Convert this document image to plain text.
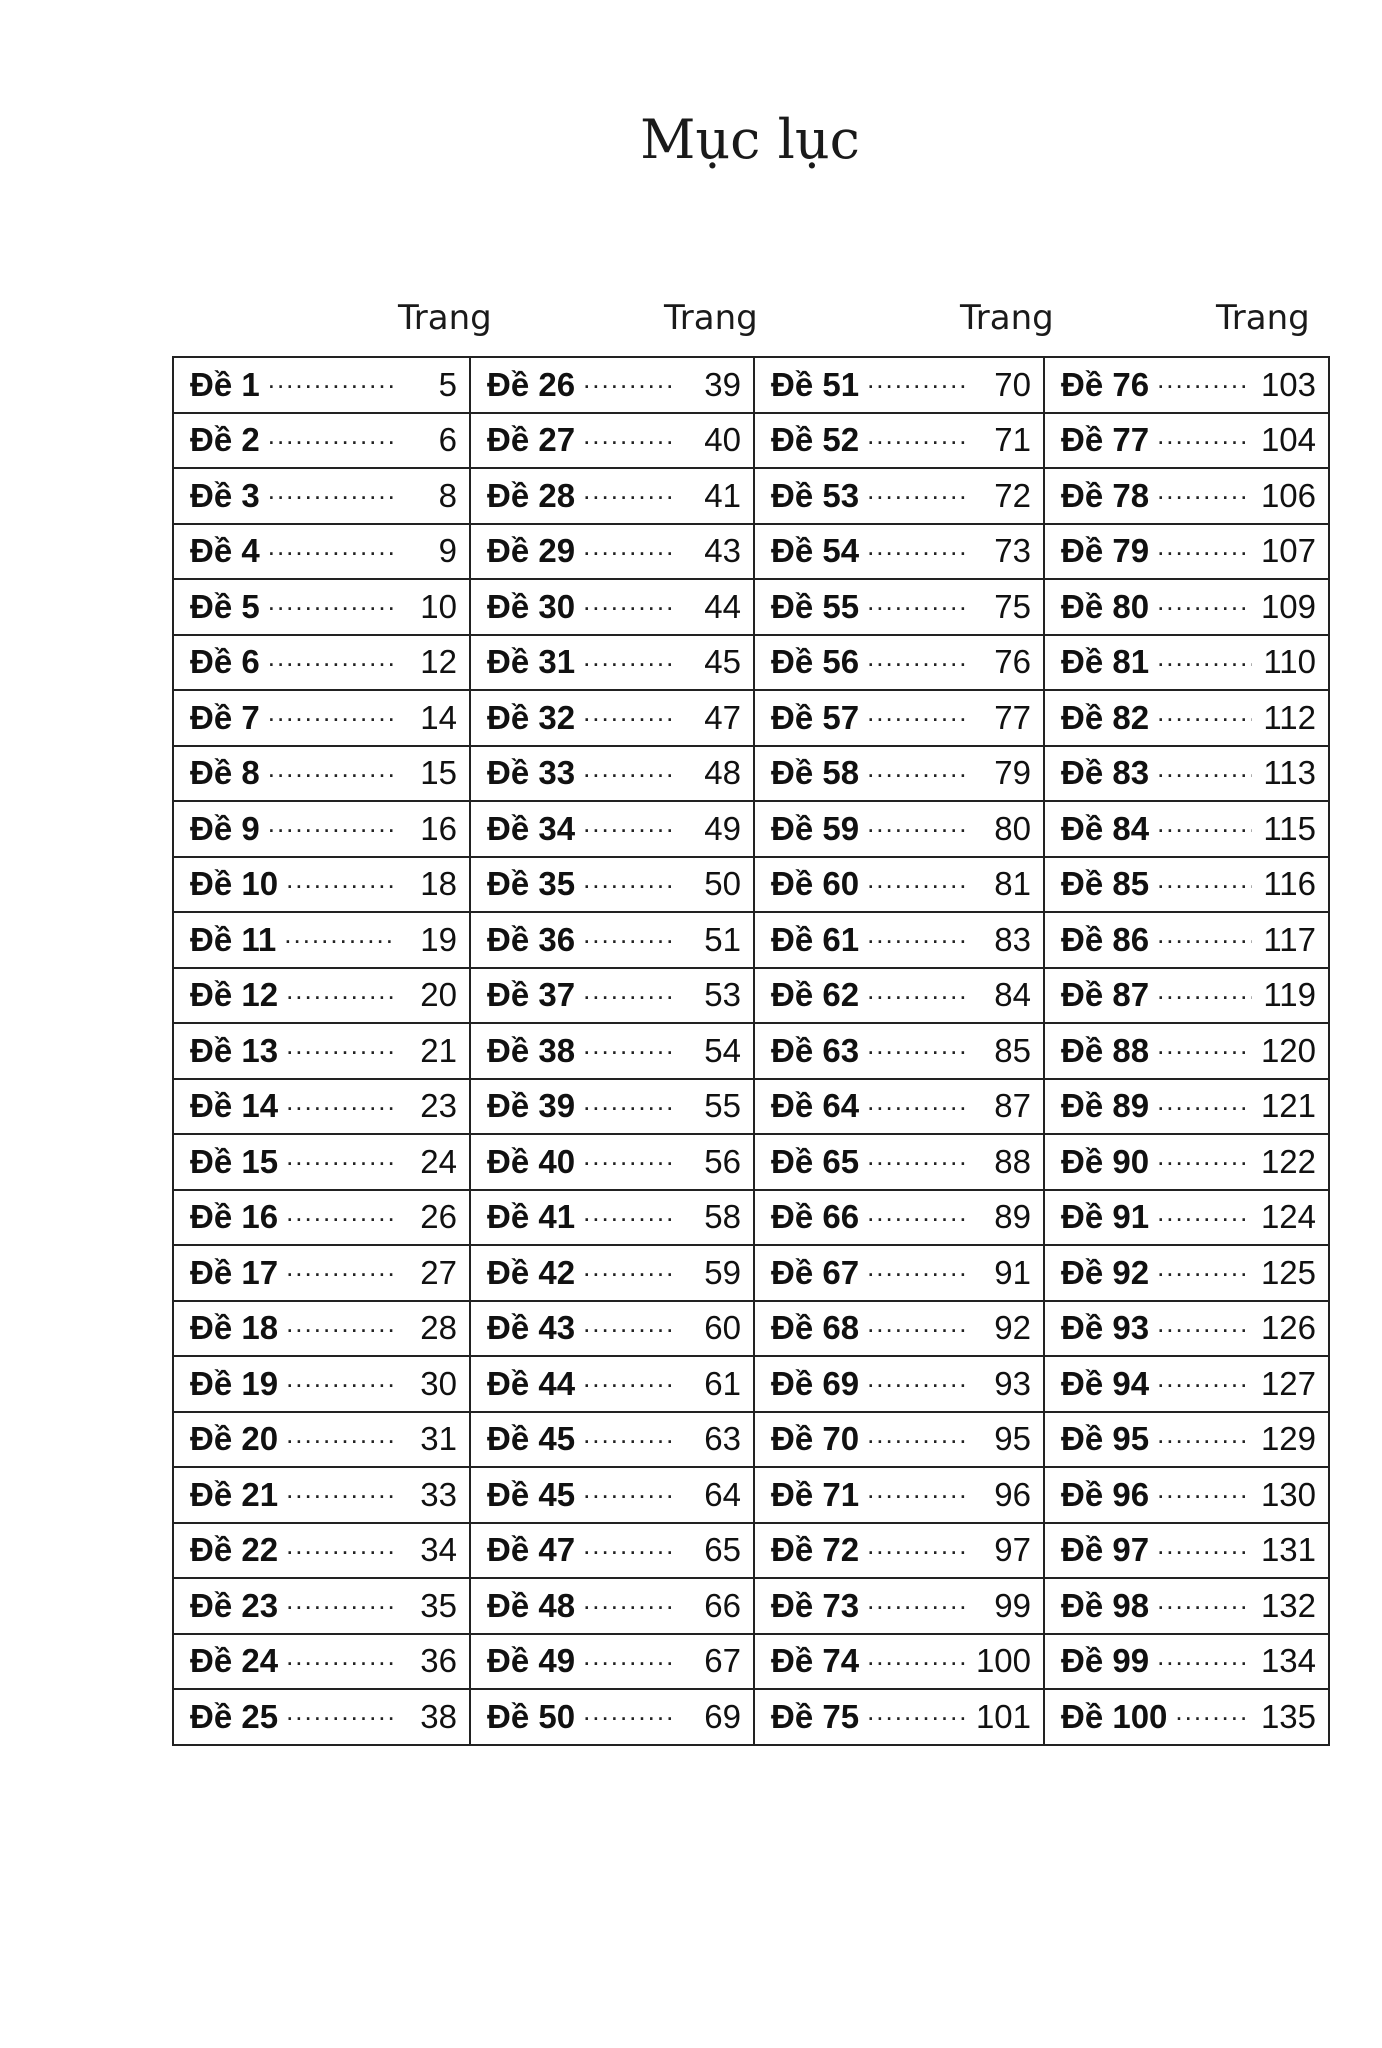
Mục lục
Trang	Trang	Trang	Trang
Đề 1 ..... 5	Đề 26 ..... 39	Đề 51 ..... 70	Đề 76 ..... 103

Đề 2 ..... 6	Đề 27 ..... 40	Đề 52 ..... 71	Đề 77 ..... 104

Đề 3 ..... 8	Đề 28 ..... 41	Đề 53 ..... 72	Đề 78 ..... 106

Đề 4 ..... 9	Đề 29 ..... 43	Đề 54 ..... 73	Đề 79 ..... 107

Đề 5 ..... 10	Đề 30 ..... 44	Đề 55 ..... 75	Đề 80 ..... 109

Đề 6 ..... 12	Đề 31 ..... 45	Đề 56 ..... 76	Đề 81 ..... 110

Đề 7 ..... 14	Đề 32 ..... 47	Đề 57 ..... 77	Đề 82 ..... 112

Đề 8 ..... 15	Đề 33 ..... 48	Đề 58 ..... 79	Đề 83 ..... 113

Đề 9 ..... 16	Đề 34 ..... 49	Đề 59 ..... 80	Đề 84 ..... 115

Đề 10 ..... 18	Đề 35 ..... 50	Đề 60 ..... 81	Đề 85 ..... 116

Đề 11 ..... 19	Đề 36 ..... 51	Đề 61 ..... 83	Đề 86 ..... 117

Đề 12 ..... 20	Đề 37 ..... 53	Đề 62 ..... 84	Đề 87 ..... 119

Đề 13 ..... 21	Đề 38 ..... 54	Đề 63 ..... 85	Đề 88 ..... 120

Đề 14 ..... 23	Đề 39 ..... 55	Đề 64 ..... 87	Đề 89 ..... 121

Đề 15 ..... 24	Đề 40 ..... 56	Đề 65 ..... 88	Đề 90 ..... 122

Đề 16 ..... 26	Đề 41 ..... 58	Đề 66 ..... 89	Đề 91 ..... 124

Đề 17 ..... 27	Đề 42 ..... 59	Đề 67 ..... 91	Đề 92 ..... 125

Đề 18 ..... 28	Đề 43 ..... 60	Đề 68 ..... 92	Đề 93 ..... 126

Đề 19 ..... 30	Đề 44 ..... 61	Đề 69 ..... 93	Đề 94 ..... 127

Đề 20 ..... 31	Đề 45 ..... 63	Đề 70 ..... 95	Đề 95 ..... 129

Đề 21 ..... 33	Đề 45 ..... 64	Đề 71 ..... 96	Đề 96 ..... 130

Đề 22 ..... 34	Đề 47 ..... 65	Đề 72 ..... 97	Đề 97 ..... 131

Đề 23 ..... 35	Đề 48 ..... 66	Đề 73 ..... 99	Đề 98 ..... 132

Đề 24 ..... 36	Đề 49 ..... 67	Đề 74 ..... 100	Đề 99 ..... 134

Đề 25 ..... 38	Đề 50 ..... 69	Đề 75 ..... 101	Đề 100 ..... 135
